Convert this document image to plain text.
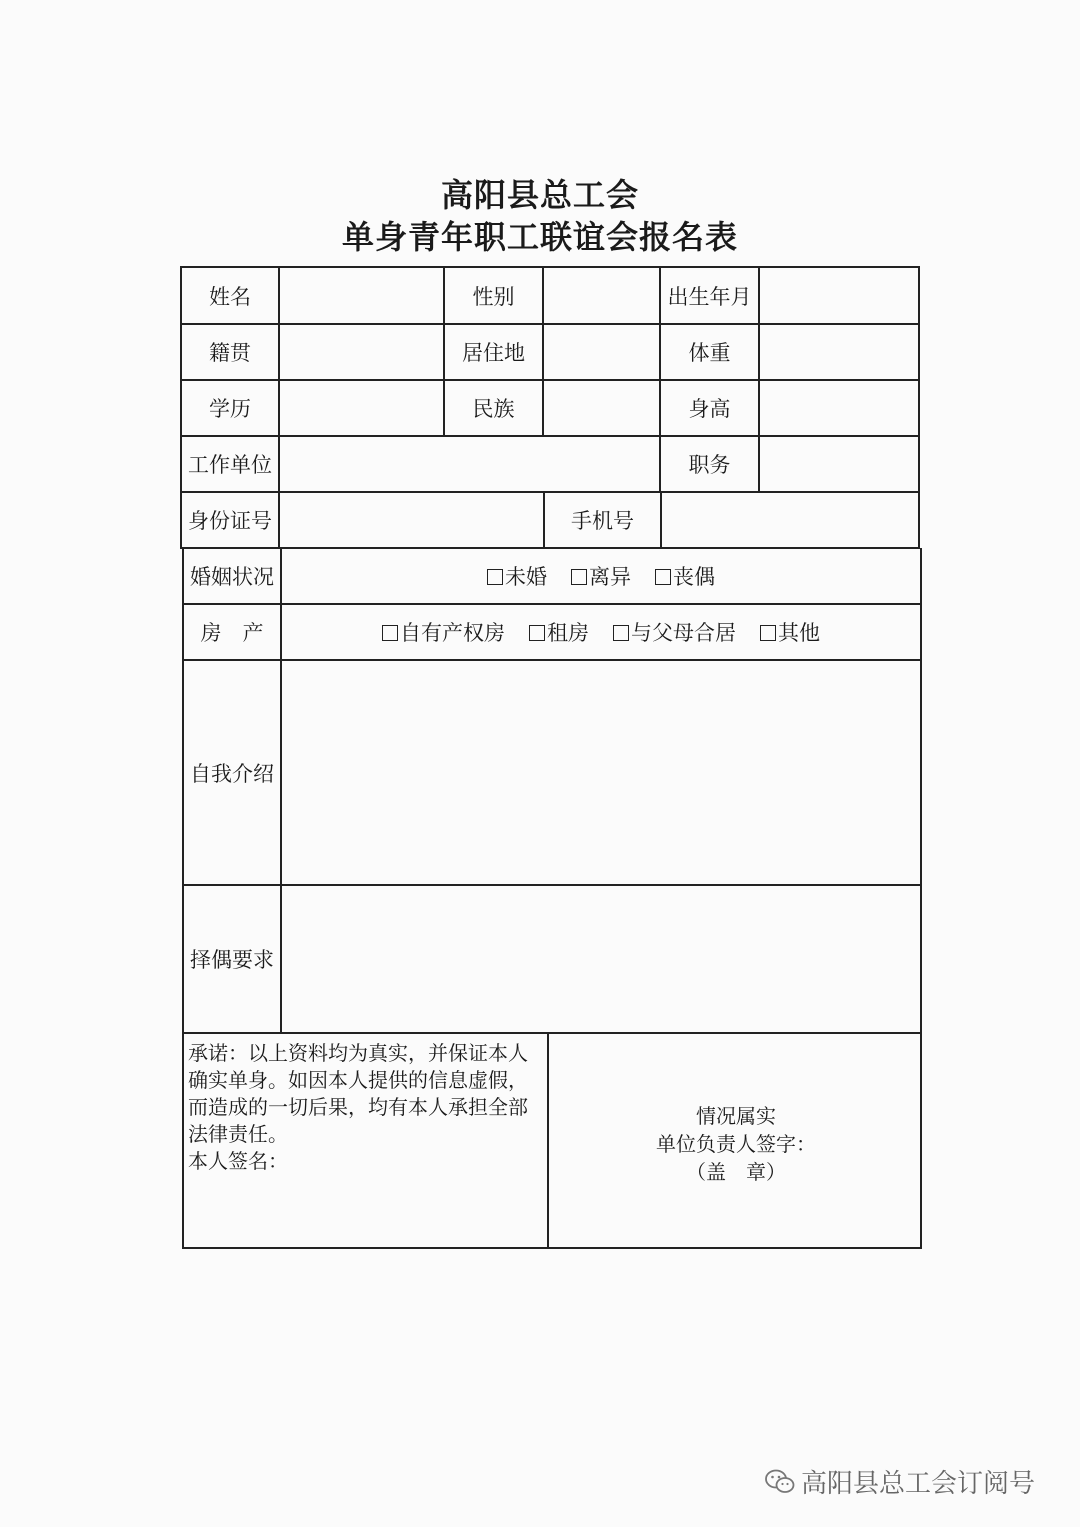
高阳县总工会
单身青年职工联谊会报名表
姓名	性别	出生年月
籍贯	居住地	体重
学历	民族	身高
工作单位	职务
身份证号	手机号
婚姻状况	未婚	离异	丧偶
房　产	自有产权房	租房	与父母合居	其他
自我介绍
择偶要求
承诺：以上资料均为真实，并保证本人确实单身。如因本人提供的信息虚假，而造成的一切后果，均有本人承担全部法律责任。
本人签名：
情况属实
单位负责人签字：
（盖　章）
高阳县总工会订阅号
